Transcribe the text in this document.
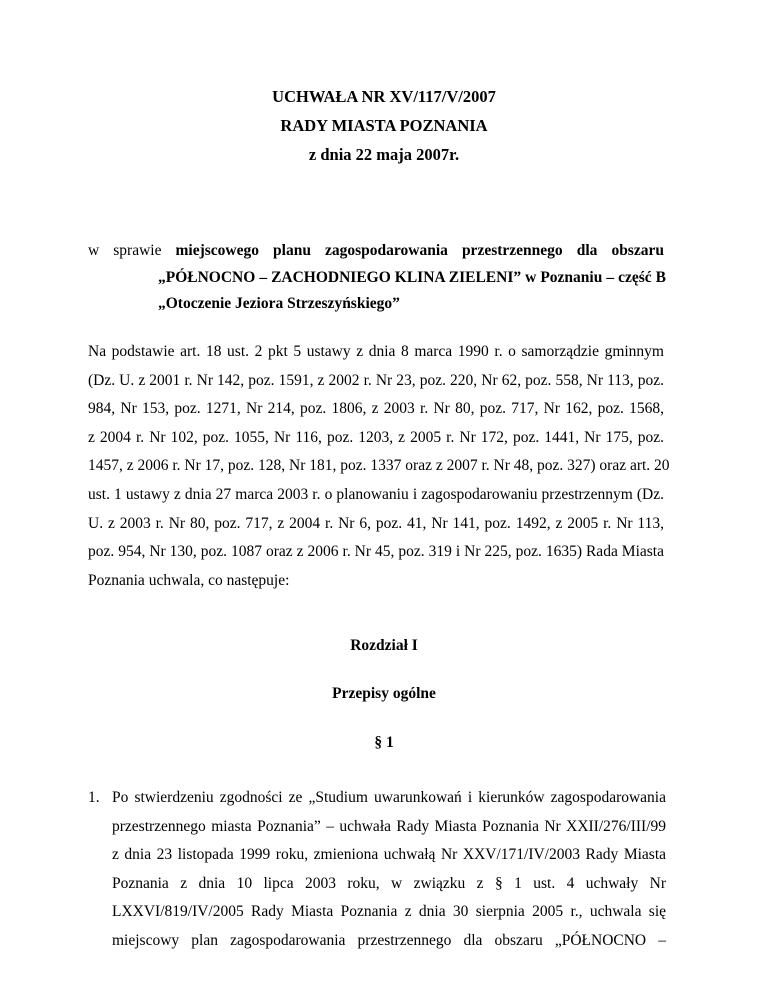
UCHWAŁA NR XV/117/V/2007
RADY MIASTA POZNANIA
z dnia 22 maja 2007r.
w sprawie miejscowego planu zagospodarowania przestrzennego dla obszaru
„PÓŁNOCNO – ZACHODNIEGO KLINA ZIELENI” w Poznaniu – część B
„Otoczenie Jeziora Strzeszyńskiego”
Na podstawie art. 18 ust. 2 pkt 5 ustawy z dnia 8 marca 1990 r. o samorządzie gminnym
(Dz. U. z 2001 r. Nr 142, poz. 1591, z 2002 r. Nr 23, poz. 220, Nr 62, poz. 558, Nr 113, poz.
984, Nr 153, poz. 1271, Nr 214, poz. 1806, z 2003 r. Nr 80, poz. 717, Nr 162, poz. 1568,
z 2004 r. Nr 102, poz. 1055, Nr 116, poz. 1203, z 2005 r. Nr 172, poz. 1441, Nr 175, poz.
1457, z 2006 r. Nr 17, poz. 128, Nr 181, poz. 1337 oraz z 2007 r. Nr 48, poz. 327) oraz art. 20
ust. 1 ustawy z dnia 27 marca 2003 r. o planowaniu i zagospodarowaniu przestrzennym (Dz.
U. z 2003 r. Nr 80, poz. 717, z 2004 r. Nr 6, poz. 41, Nr 141, poz. 1492, z 2005 r. Nr 113,
poz. 954, Nr 130, poz. 1087 oraz z 2006 r. Nr 45, poz. 319 i Nr 225, poz. 1635) Rada Miasta
Poznania uchwala, co następuje:
Rozdział I
Przepisy ogólne
§ 1
1. Po stwierdzeniu zgodności ze „Studium uwarunkowań i kierunków zagospodarowania
przestrzennego miasta Poznania” – uchwała Rady Miasta Poznania Nr XXII/276/III/99
z dnia 23 listopada 1999 roku, zmieniona uchwałą Nr XXV/171/IV/2003 Rady Miasta
Poznania z dnia 10 lipca 2003 roku, w związku z § 1 ust. 4 uchwały Nr
LXXVI/819/IV/2005 Rady Miasta Poznania z dnia 30 sierpnia 2005 r., uchwala się
miejscowy plan zagospodarowania przestrzennego dla obszaru „PÓŁNOCNO –
